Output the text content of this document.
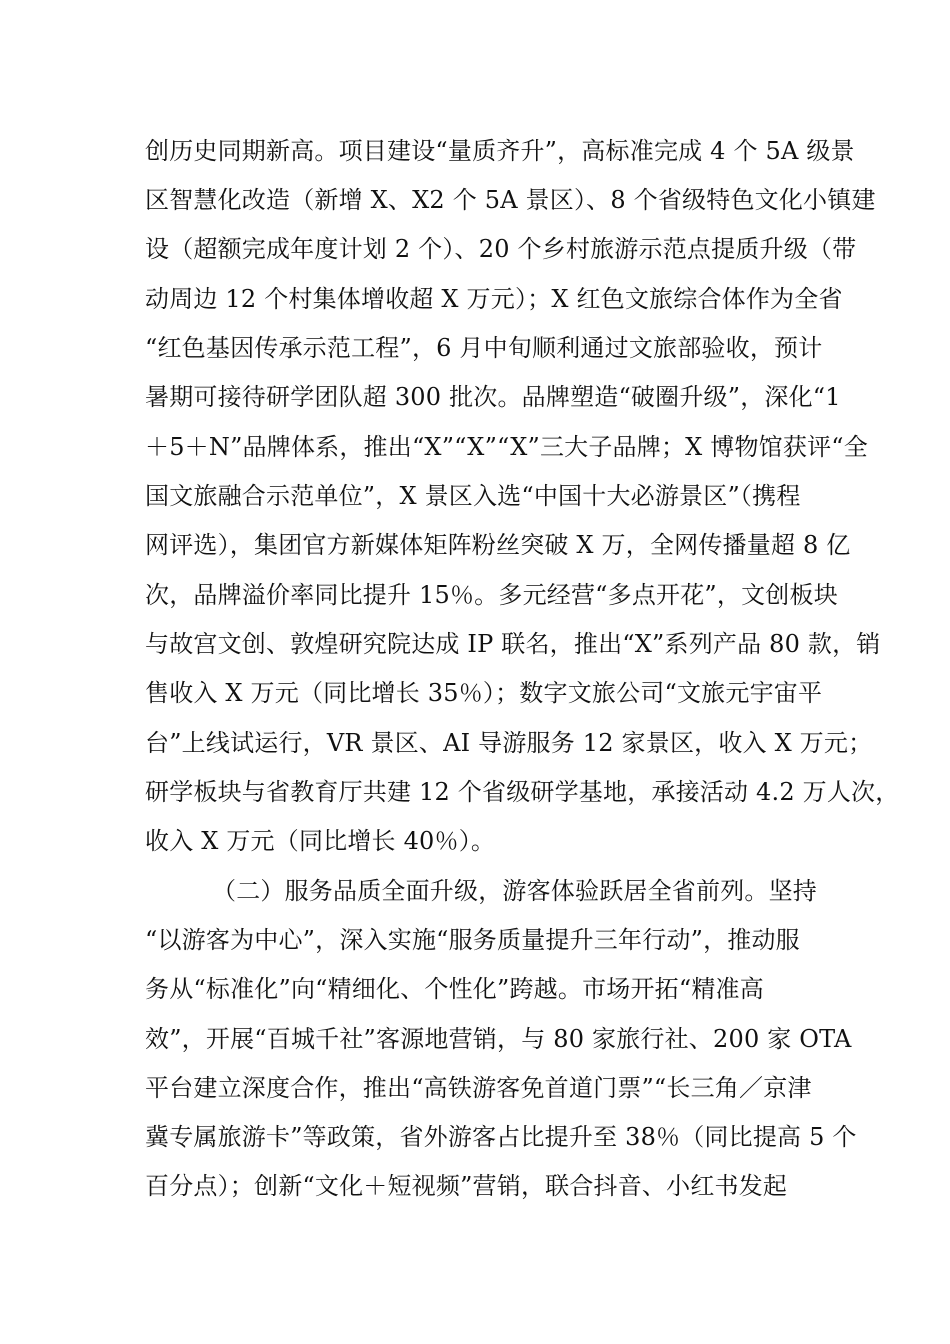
创历史同期新高。项目建设“量质齐升”，高标准完成 4 个 5A 级景
区智慧化改造（新增 X、X2 个 5A 景区）、8 个省级特色文化小镇建
设（超额完成年度计划 2 个）、20 个乡村旅游示范点提质升级（带
动周边 12 个村集体增收超 X 万元）；X 红色文旅综合体作为全省
“红色基因传承示范工程”，6 月中旬顺利通过文旅部验收，预计
暑期可接待研学团队超 300 批次。品牌塑造“破圈升级”，深化“1
＋5＋N”品牌体系，推出“X”“X”“X”三大子品牌；X 博物馆获评“全
国文旅融合示范单位”，X 景区入选“中国十大必游景区”（携程
网评选），集团官方新媒体矩阵粉丝突破 X 万，全网传播量超 8 亿
次，品牌溢价率同比提升 15％。多元经营“多点开花”，文创板块
与故宫文创、敦煌研究院达成 IP 联名，推出“X”系列产品 80 款，销
售收入 X 万元（同比增长 35％）；数字文旅公司“文旅元宇宙平
台”上线试运行，VR 景区、AI 导游服务 12 家景区，收入 X 万元；
研学板块与省教育厅共建 12 个省级研学基地，承接活动 4.2 万人次，
收入 X 万元（同比增长 40％）。
（二）服务品质全面升级，游客体验跃居全省前列。坚持
“以游客为中心”，深入实施“服务质量提升三年行动”，推动服
务从“标准化”向“精细化、个性化”跨越。市场开拓“精准高
效”，开展“百城千社”客源地营销，与 80 家旅行社、200 家 OTA
平台建立深度合作，推出“高铁游客免首道门票”“长三角／京津
冀专属旅游卡”等政策，省外游客占比提升至 38％（同比提高 5 个
百分点）；创新“文化＋短视频”营销，联合抖音、小红书发起
